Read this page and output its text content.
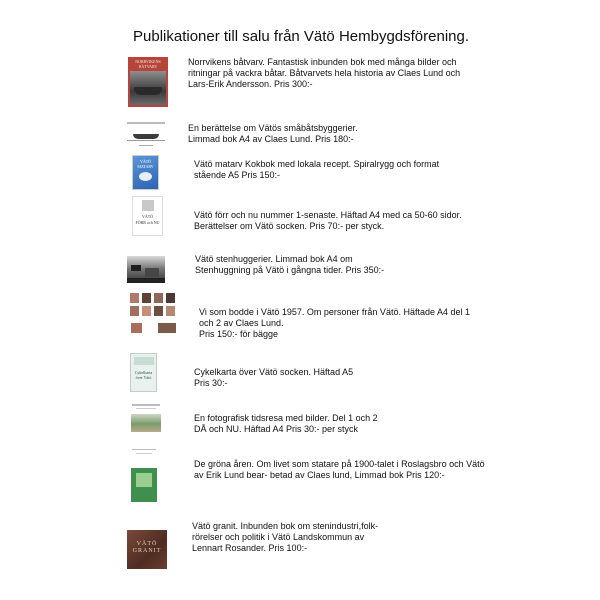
Publikationer till salu från Vätö Hembygdsförening.
NORRVIKENS
BÅTVARV	Norrvikens båtvarv. Fantastisk inbunden bok med många bilder och
ritningar på vackra båtar. Båtvarvets hela historia av Claes Lund och
Lars-Erik Andersson. Pris 300:-
En berättelse om Vätös småbåtsbyggerier.
Limmad bok A4 av Claes Lund. Pris 180:-
VÄTÖ
MATARV	Vätö matarv Kokbok med lokala recept. Spiralrygg och format
stående A5 Pris 150:-
VÄTÖ
FÖRR och NU
Vätö förr och nu nummer 1-senaste. Häftad A4 med ca 50-60 sidor.
Berättelser om Vätö socken. Pris 70:- per styck.
Vätö stenhuggerier. Limmad bok A4 om
Stenhuggning på Vätö i gångna tider. Pris 350:-
Vi som bodde i Vätö 1957. Om personer från Vätö. Häftade A4 del 1
och 2 av Claes Lund.
Pris 150:- för bägge
Cykelkarta
över Vätö
Cykelkarta över Vätö socken. Häftad A5
Pris 30:-
En fotografisk tidsresa med bilder. Del 1 och 2
DÅ och NU. Häftad A4 Pris 30:- per styck
De gröna åren. Om livet som statare på 1900-talet i Roslagsbro och Vätö
av Erik Lund bear- betad av Claes lund, Limmad bok Pris 120:-
VÄTÖ
GRANIT
Vätö granit. Inbunden bok om stenindustri,folk-
rörelser och politik i Vätö Landskommun av
Lennart Rosander. Pris 100:-
